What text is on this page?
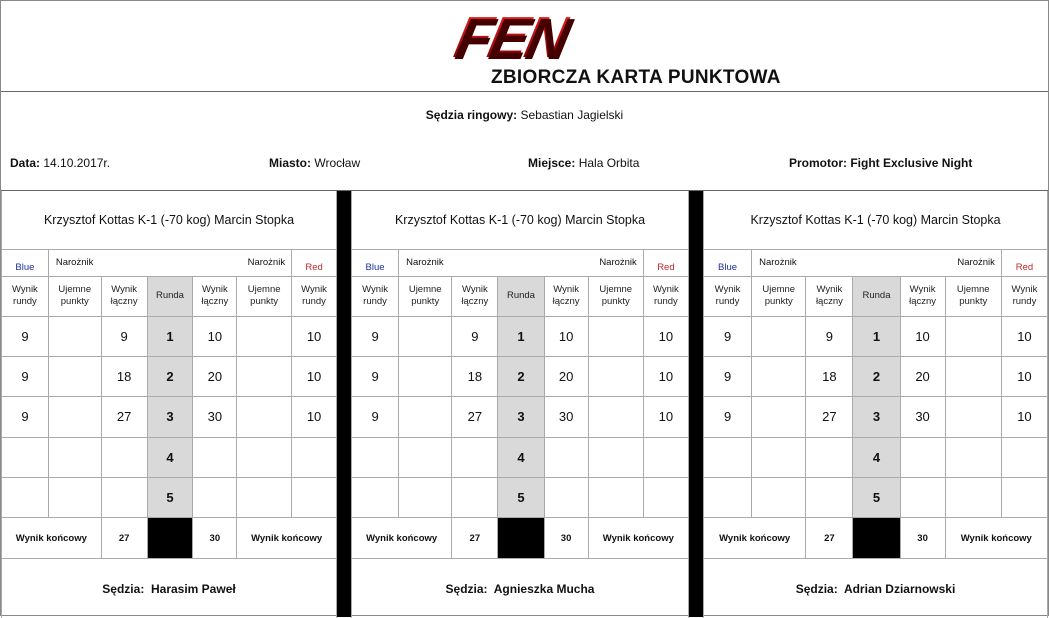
FEN
ZBIORCZA KARTA PUNKTOWA
Sędzia ringowy: Sebastian Jagielski
Data: 14.10.2017r.	Miasto: Wrocław	Miejsce: Hala Orbita	Promotor: Fight Exclusive Night
Krzysztof Kottas K-1 (-70 kog) Marcin Stopka						
Blue	Narożnik Narożnik					Red
Wynik rundy	Ujemne punkty	Wynik łączny	Runda	Wynik łączny	Ujemne punkty	Wynik rundy
9		9	1	10		10
9		18	2	20		10
9		27	3	30		10
			4			
			5			
Wynik końcowy		27		30	Wynik końcowy	
Sędzia: Harasim Paweł						
Krzysztof Kottas K-1 (-70 kog) Marcin Stopka						
Blue	Narożnik Narożnik					Red
Wynik rundy	Ujemne punkty	Wynik łączny	Runda	Wynik łączny	Ujemne punkty	Wynik rundy
9		9	1	10		10
9		18	2	20		10
9		27	3	30		10
			4			
			5			
Wynik końcowy		27		30	Wynik końcowy	
Sędzia: Agnieszka Mucha						
Krzysztof Kottas K-1 (-70 kog) Marcin Stopka						
Blue	Narożnik Narożnik					Red
Wynik rundy	Ujemne punkty	Wynik łączny	Runda	Wynik łączny	Ujemne punkty	Wynik rundy
9		9	1	10		10
9		18	2	20		10
9		27	3	30		10
			4			
			5			
Wynik końcowy		27		30	Wynik końcowy	
Sędzia: Adrian Dziarnowski						
